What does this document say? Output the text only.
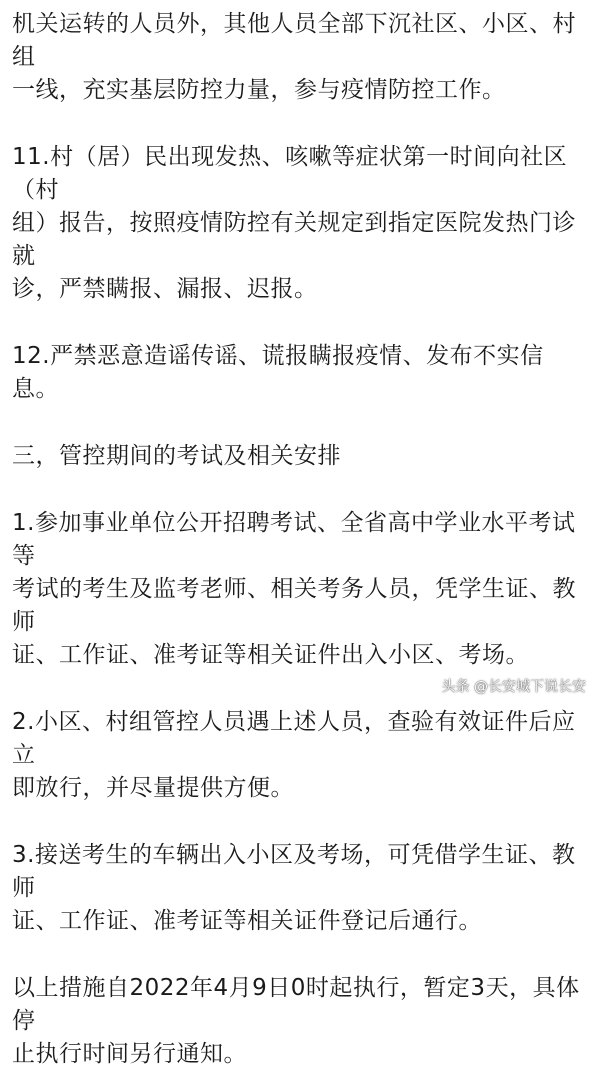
机关运转的人员外，其他人员全部下沉社区、小区、村组

一线，充实基层防控力量，参与疫情防控工作。

11.村（居）民出现发热、咳嗽等症状第一时间向社区（村

组）报告，按照疫情防控有关规定到指定医院发热门诊就

诊，严禁瞒报、漏报、迟报。

12.严禁恶意造谣传谣、谎报瞒报疫情、发布不实信息。

三，管控期间的考试及相关安排

1.参加事业单位公开招聘考试、全省高中学业水平考试等

考试的考生及监考老师、相关考务人员，凭学生证、教师

证、工作证、准考证等相关证件出入小区、考场。

2.小区、村组管控人员遇上述人员，查验有效证件后应立

即放行，并尽量提供方便。

3.接送考生的车辆出入小区及考场，可凭借学生证、教师

证、工作证、准考证等相关证件登记后通行。

以上措施自2022年4月9日0时起执行，暂定3天，具体停

止执行时间另行通知。

头条 @长安城下说长安
